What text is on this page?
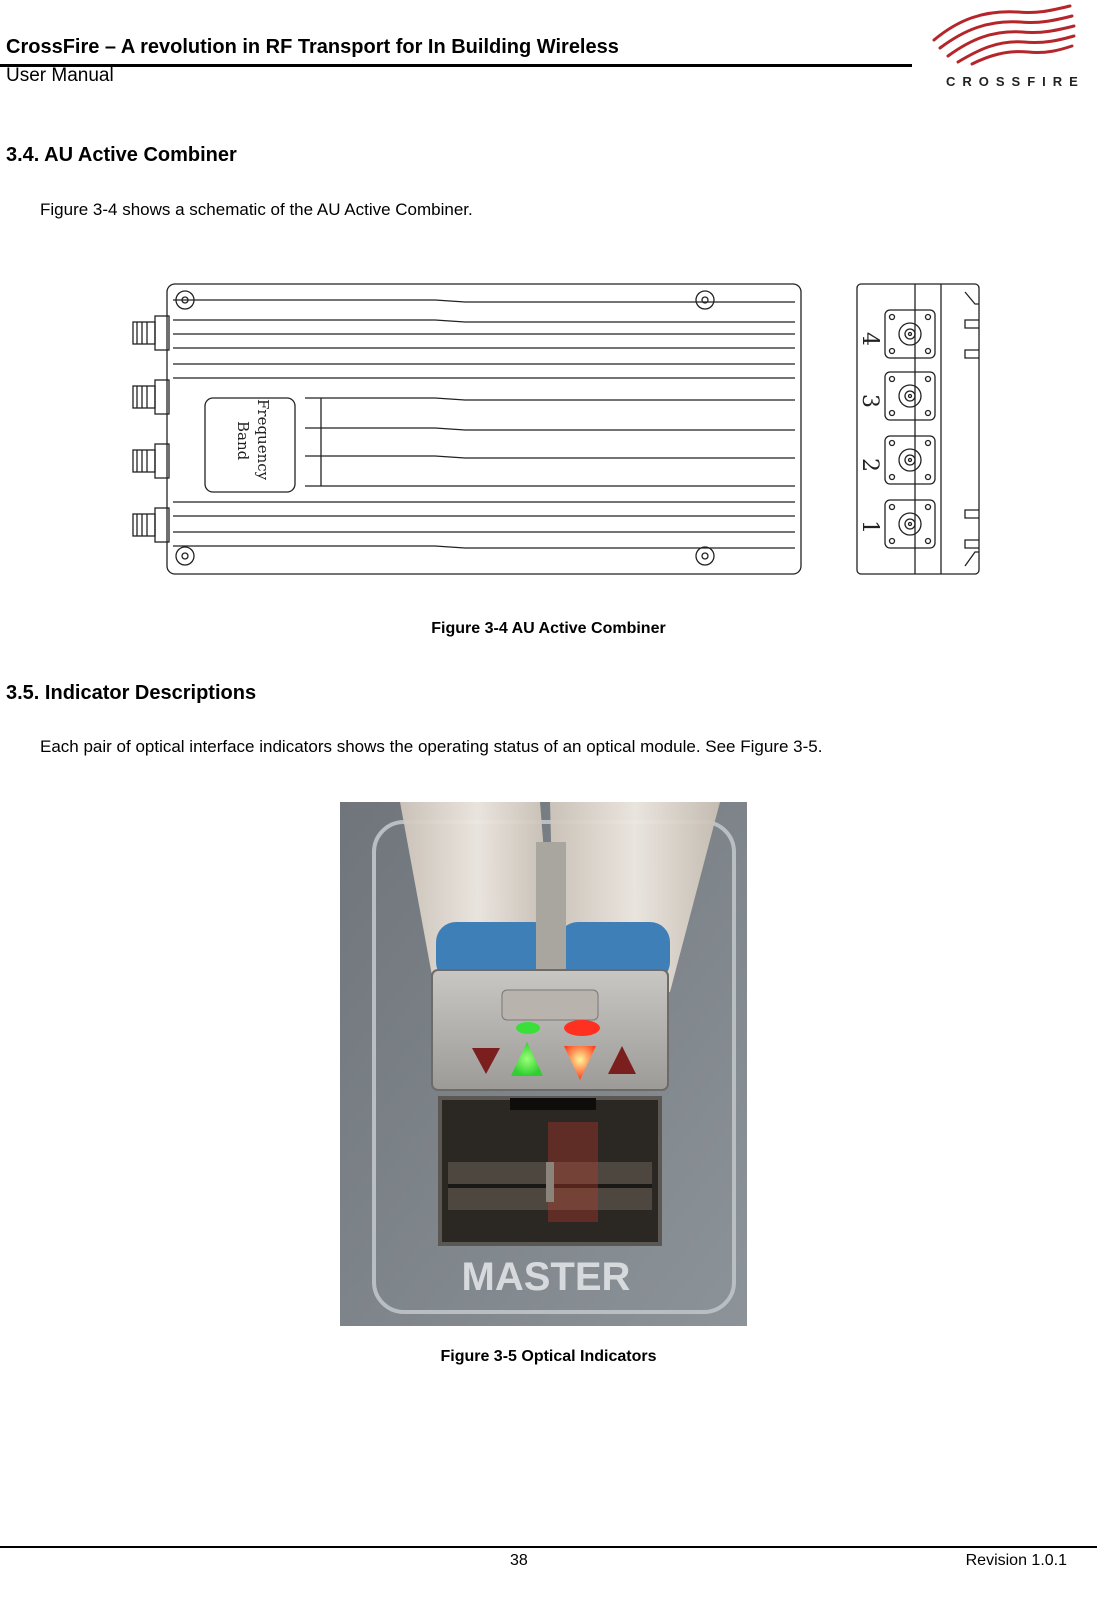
CrossFire – A revolution in RF Transport for In Building Wireless
User Manual	CROSSFIRE
3.4. AU Active Combiner
Figure 3-4 shows a schematic of the AU Active Combiner.
Frequency
Band
4
3
2
1
Figure 3-4 AU Active Combiner
3.5. Indicator Descriptions
Each pair of optical interface indicators shows the operating status of an optical module. See Figure 3-5.
MASTER
Figure 3-5 Optical Indicators
38	Revision 1.0.1
